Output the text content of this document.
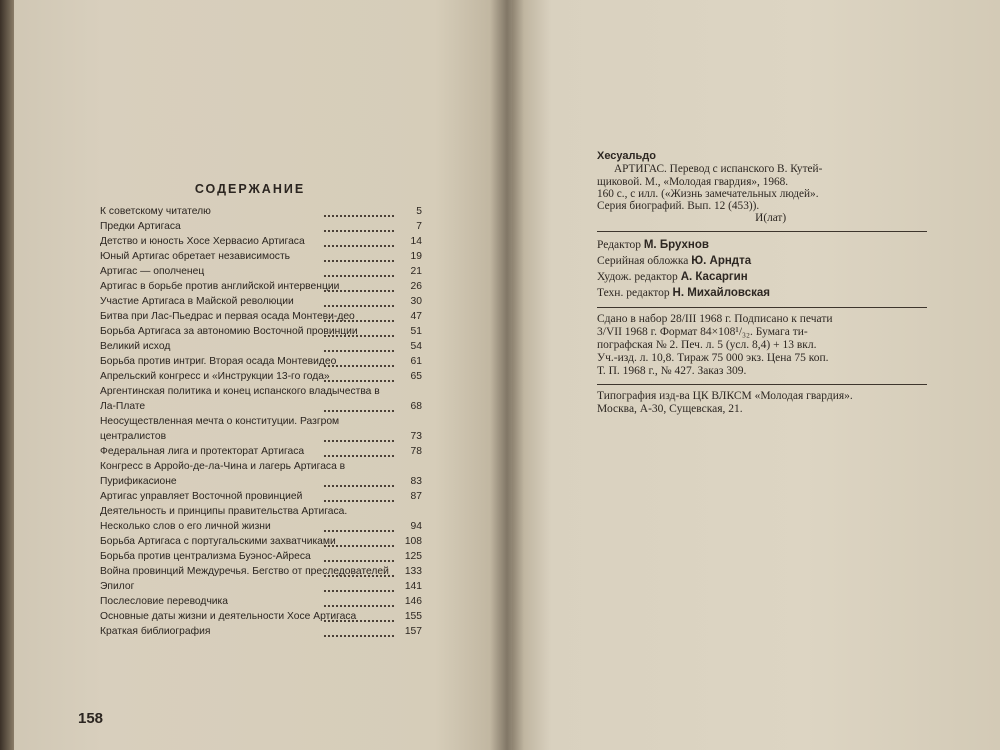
СОДЕРЖАНИЕ
К советскому читателю	5
Предки Артигаса	7
Детство и юность Хосе Хервасио Артигаса	14
Юный Артигас обретает независимость	19
Артигас — ополченец	21
Артигас в борьбе против английской интервенции	26
Участие Артигаса в Майской революции	30
Битва при Лас-Пьедрас и первая осада Монтеви-део	47
Борьба Артигаса за автономию Восточной провинции	51
Великий исход	54
Борьба против интриг. Вторая осада Монтевидео	61
Апрельский конгресс и «Инструкции 13-го года»	65
Аргентинская политика и конец испанского владычества в Ла-Плате	68
Неосуществленная мечта о конституции. Разгром централистов	73
Федеральная лига и протекторат Артигаса	78
Конгресс в Арройо-де-ла-Чина и лагерь Артигаса в Пурификасионе	83
Артигас управляет Восточной провинцией	87
Деятельность и принципы правительства Артигаса. Несколько слов о его личной жизни	94
Борьба Артигаса с португальскими захватчиками	108
Борьба против централизма Буэнос-Айреса	125
Война провинций Междуречья. Бегство от преследователей	133
Эпилог	141
Послесловие переводчика	146
Основные даты жизни и деятельности Хосе Артигаса	155
Краткая библиография	157
158
Хесуальдо
АРТИГАС. Перевод с испанского В. Кутей-
щиковой. М., «Молодая гвардия», 1968.
160 с., с илл. («Жизнь замечательных людей».
Серия биографий. Вып. 12 (453)).
И(лат)
Редактор М. Брухнов
Серийная обложка Ю. Арндта
Худож. редактор А. Касаргин
Техн. редактор Н. Михайловская
Сдано в набор 28/III 1968 г. Подписано к печати
3/VII 1968 г. Формат 84×108¹/₃₂. Бумага ти-
пографская № 2. Печ. л. 5 (усл. 8,4) + 13 вкл.
Уч.-изд. л. 10,8. Тираж 75 000 экз. Цена 75 коп.
Т. П. 1968 г., № 427. Заказ 309.
Типография изд-ва ЦК ВЛКСМ «Молодая гвардия».
Москва, А-30, Сущевская, 21.
